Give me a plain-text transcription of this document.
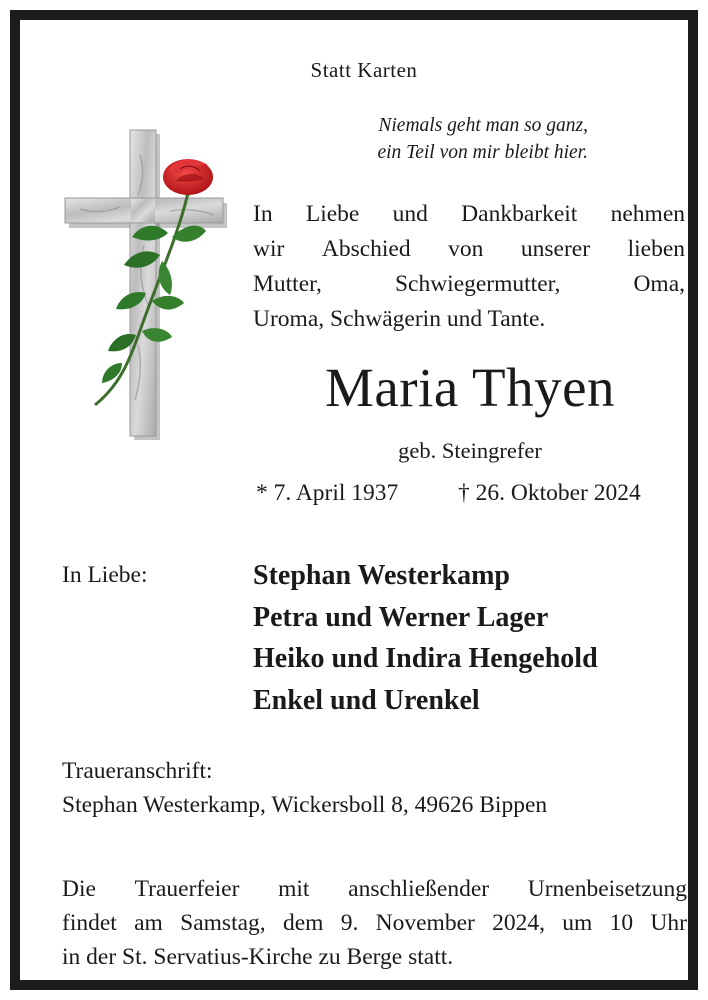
Statt Karten
Niemals geht man so ganz,
ein Teil von mir bleibt hier.
In Liebe und Dankbarkeit nehmen
wir Abschied von unserer lieben
Mutter,	Schwiegermutter,	Oma,
Uroma, Schwägerin und Tante.
Maria Thyen
geb. Steingrefer
* 7. April 1937	† 26. Oktober 2024
In Liebe:	Stephan Westerkamp
Petra und Werner Lager
Heiko und Indira Hengehold
Enkel und Urenkel
Traueranschrift:
Stephan Westerkamp, Wickersboll 8, 49626 Bippen
Die Trauerfeier mit anschließender Urnenbeisetzung
findet am Samstag, dem 9. November 2024, um 10 Uhr
in der St. Servatius-Kirche zu Berge statt.
